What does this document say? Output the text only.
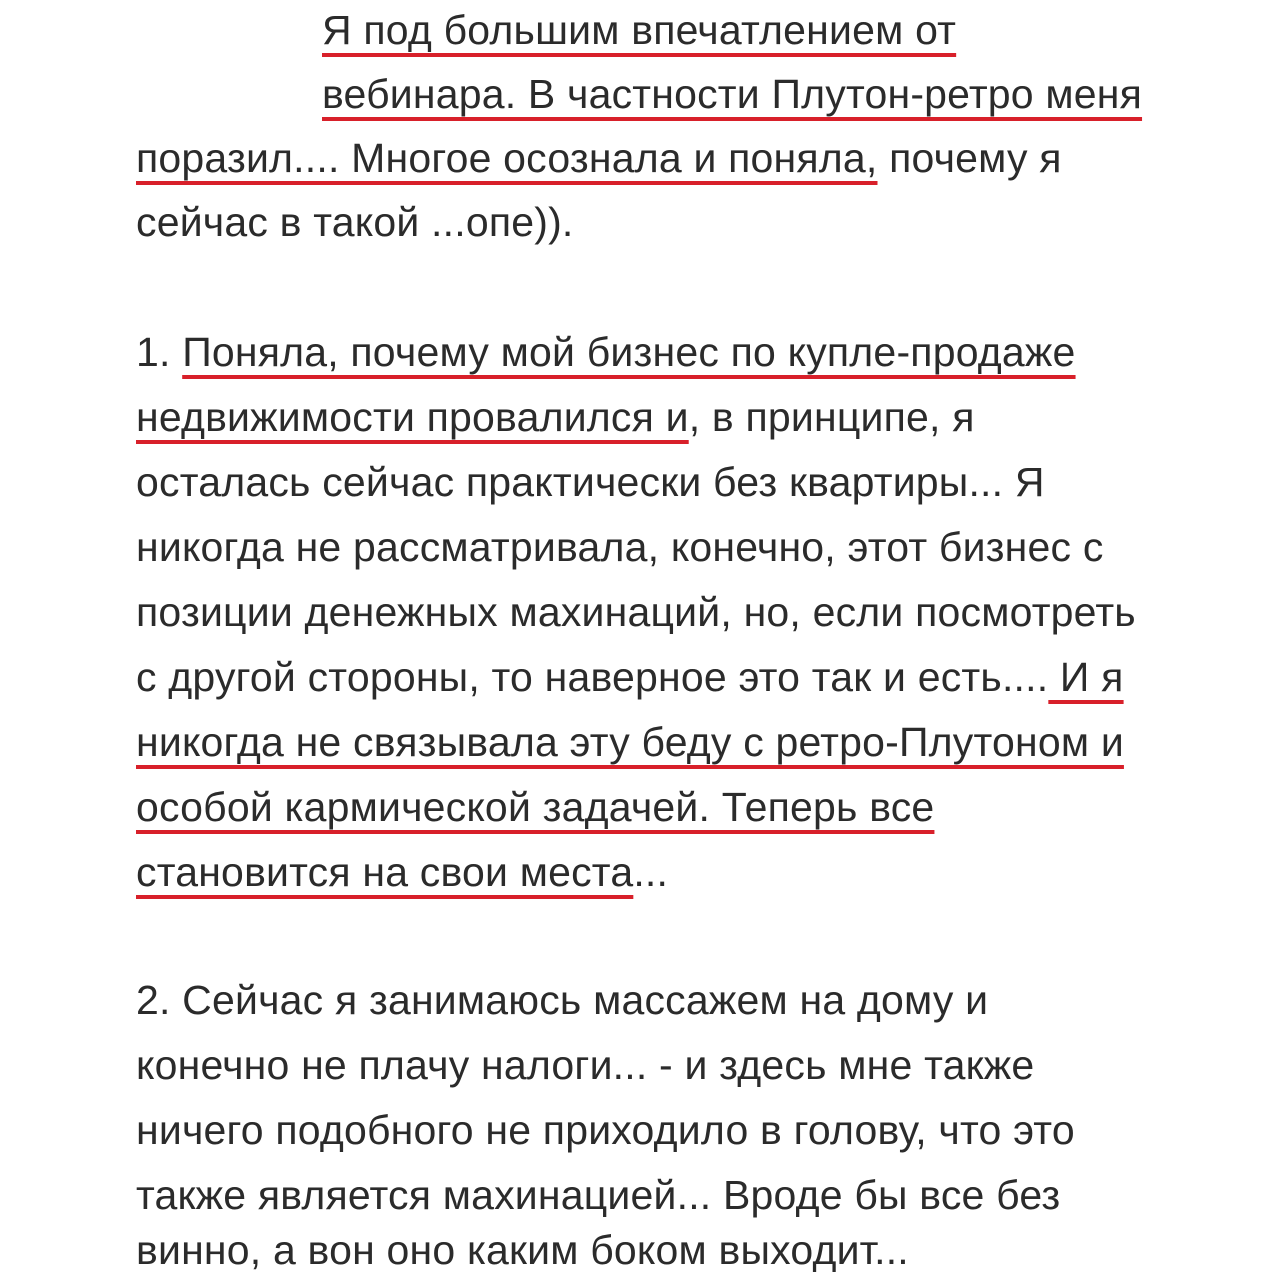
Я под большим впечатлением от
вебинара. В частности Плутон-ретро меня
поразил.... Многое осознала и поняла, почему я
сейчас в такой ...опе)).
1. Поняла, почему мой бизнес по купле-продаже
недвижимости провалился и, в принципе, я
осталась сейчас практически без квартиры... Я
никогда не рассматривала, конечно, этот бизнес с
позиции денежных махинаций, но, если посмотреть
с другой стороны, то наверное это так и есть.... И я
никогда не связывала эту беду с ретро-Плутоном и
особой кармической задачей. Теперь все
становится на свои места...
2. Сейчас я занимаюсь массажем на дому и
конечно не плачу налоги... - и здесь мне также
ничего подобного не приходило в голову, что это
также является махинацией... Вроде бы все без
винно, а вон оно каким боком выходит...
